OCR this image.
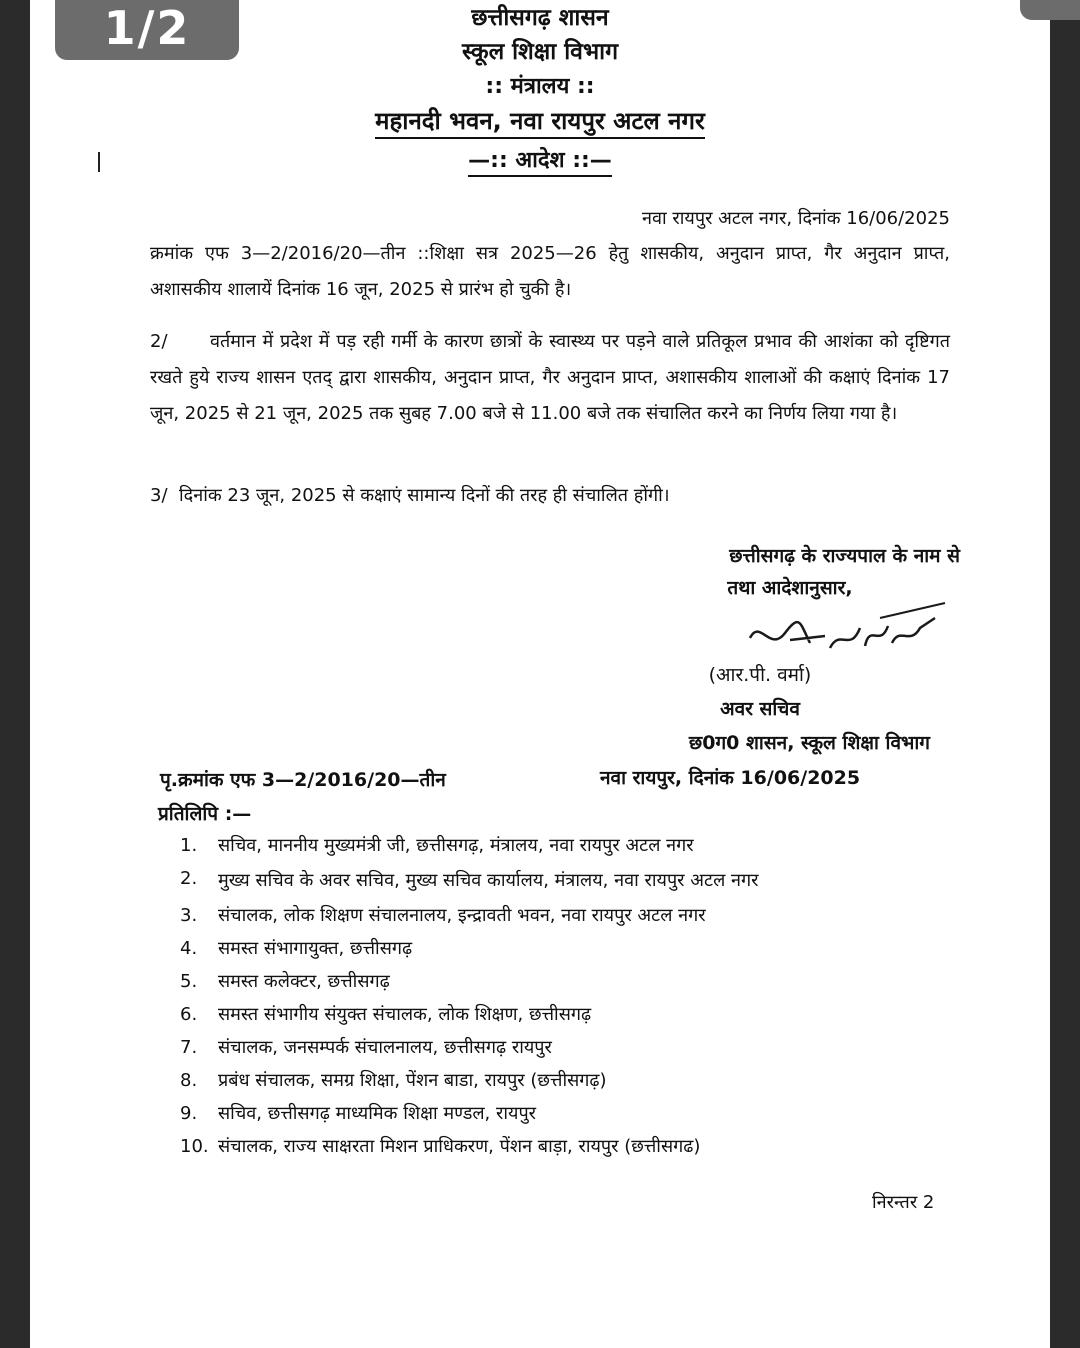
1/2	छत्तीसगढ़ शासन
स्कूल शिक्षा विभाग
:: मंत्रालय ::
महानदी भवन, नवा रायपुर अटल नगर
—:: आदेश ::—
नवा रायपुर अटल नगर, दिनांक 16/06/2025
क्रमांक एफ 3—2/2016/20—तीन ::शिक्षा सत्र 2025—26 हेतु शासकीय, अनुदान प्राप्त, गैर अनुदान प्राप्त, अशासकीय शालायें दिनांक 16 जून, 2025 से प्रारंभ हो चुकी है।
2/ वर्तमान में प्रदेश में पड़ रही गर्मी के कारण छात्रों के स्वास्थ्य पर पड़ने वाले प्रतिकूल प्रभाव की आशंका को दृष्टिगत रखते हुये राज्य शासन एतद् द्वारा शासकीय, अनुदान प्राप्त, गैर अनुदान प्राप्त, अशासकीय शालाओं की कक्षाएं दिनांक 17 जून, 2025 से 21 जून, 2025 तक सुबह 7.00 बजे से 11.00 बजे तक संचालित करने का निर्णय लिया गया है।
3/ दिनांक 23 जून, 2025 से कक्षाएं सामान्य दिनों की तरह ही संचालित होंगी।
छत्तीसगढ़ के राज्यपाल के नाम से
तथा आदेशानुसार,
(आर.पी. वर्मा)
अवर सचिव
छ0ग0 शासन, स्कूल शिक्षा विभाग
पृ.क्रमांक एफ 3—2/2016/20—तीन	नवा रायपुर, दिनांक 16/06/2025
प्रतिलिपि :—
1.	सचिव, माननीय मुख्यमंत्री जी, छत्तीसगढ़, मंत्रालय, नवा रायपुर अटल नगर
2.	मुख्य सचिव के अवर सचिव, मुख्य सचिव कार्यालय, मंत्रालय, नवा रायपुर अटल नगर
3.	संचालक, लोक शिक्षण संचालनालय, इन्द्रावती भवन, नवा रायपुर अटल नगर
4.	समस्त संभागायुक्त, छत्तीसगढ़
5.	समस्त कलेक्टर, छत्तीसगढ़
6.	समस्त संभागीय संयुक्त संचालक, लोक शिक्षण, छत्तीसगढ़
7.	संचालक, जनसम्पर्क संचालनालय, छत्तीसगढ़ रायपुर
8.	प्रबंध संचालक, समग्र शिक्षा, पेंशन बाडा, रायपुर (छत्तीसगढ़)
9.	सचिव, छत्तीसगढ़ माध्यमिक शिक्षा मण्डल, रायपुर
10. संचालक, राज्य साक्षरता मिशन प्राधिकरण, पेंशन बाड़ा, रायपुर (छत्तीसगढ)
निरन्तर 2
